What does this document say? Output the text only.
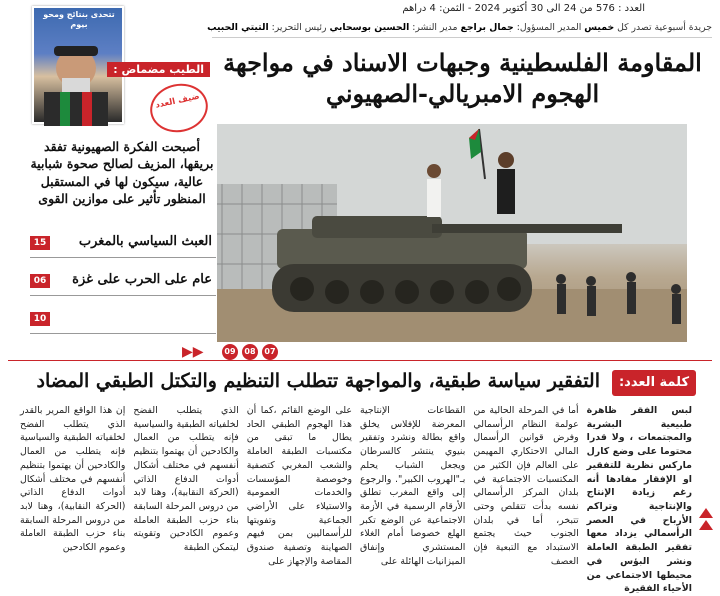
العدد : 576 من 24 الى 30 أكتوبر 2024 - الثمن: 4 دراهم
جريدة أسبوعية تصدر كل خميس المدير المسؤول: جمال براجع مدير النشر: الحسين بوسحابي رئيس التحرير: التيتي الحبيب
المقاومة الفلسطينية وجبهات الاسناد في مواجهة
الهجوم الامبريالي-الصهيوني
تتحدى بنتائج ومحو بيوم
الطيب مضماض :
ضيف العدد
أصبحت الفكرة الصهيونية تفقد بريقها، المزيف لصالح صحوة شبابية عالية، سيكون لها في المستقبل المنظور تأثير على موازين القوى
العبث السياسي بالمغرب
15
عام على الحرب على غزة
06
10
▶▶	09	08	07
كلمة العدد:
التفقير سياسة طبقية، والمواجهة تتطلب التنظيم والتكتل الطبقي المضاد
لبس الفقر ظاهرة طبيعية البشرية والمجتمعات ، ولا قدرا محتوما على وضع كارل ماركس نظرية للتفقير او الإفقار مفادها أنه رغم زيادة الإنتاج والإنتاجية وتراكم الأرباح في العصر الرأسمالي يزداد معها تفقير الطبقة العاملة ونشر البؤس في محيطها الاجتماعي من الأحياء الفقيرة
أما في المرحلة الحالية من عولمة النظام الرأسمالي وفرض قوانين الرأسمال المالي الاحتكاري المهيمن على العالم فإن الكثير من المكتسبات الاجتماعية في بلدان المركز الرأسمالي نفسه بدأت تتقلص وحتى تتبخر، أما في بلدان الجنوب حيث يجتمع الاستبداد مع التبعية فإن العصف
القطاعات الإنتاجية المعرضة للإفلاس يخلق واقع بطالة ونشرد وتفقير بنيوي ينتشر كالسرطان ويجعل الشباب يحلم بـ"الهروب الكبير". والرجوع إلى واقع المغرب تطلق الأرقام الرسمية في الأزمة الاجتماعية عن الوضع تكبر الهلع خصوصا أمام الغلاء المستشري وإنفاق الميزانيات الهائلة على
على الوضع القائم ،كما أن هذا الهجوم الطبقي الحاد يطال ما تبقى من مكتسبات الطبقة العاملة والشعب المغربي كتصفية وخوصصة المؤسسات والخدمات العمومية والاستيلاء على الأراضي الجماعية وتفويتها للرأسماليين بمن فيهم الصهاينة وتصفية صندوق المقاصة والإجهاز على
الذي يتطلب الفضح لخلفياته الطبقية والسياسية فإنه يتطلب من العمال والكادحين أن يهتموا بتنظيم أنفسهم في مختلف أشكال أدوات الدفاع الذاتي (الحركة النقابية)، وهنا لابد من دروس المرحلة السابقة بناء حزب الطبقة العاملة وعموم الكادحين وتقويته ليتمكن الطبقة
إن هذا الواقع المرير بالقدر الذي يتطلب الفضح لخلفياته الطبقية والسياسية فإنه يتطلب من العمال والكادحين أن يهتموا بتنظيم أنفسهم في مختلف أشكال أدوات الدفاع الذاتي (الحركة النقابية)، وهنا لابد من دروس المرحلة السابقة بناء حزب الطبقة العاملة وعموم الكادحين
